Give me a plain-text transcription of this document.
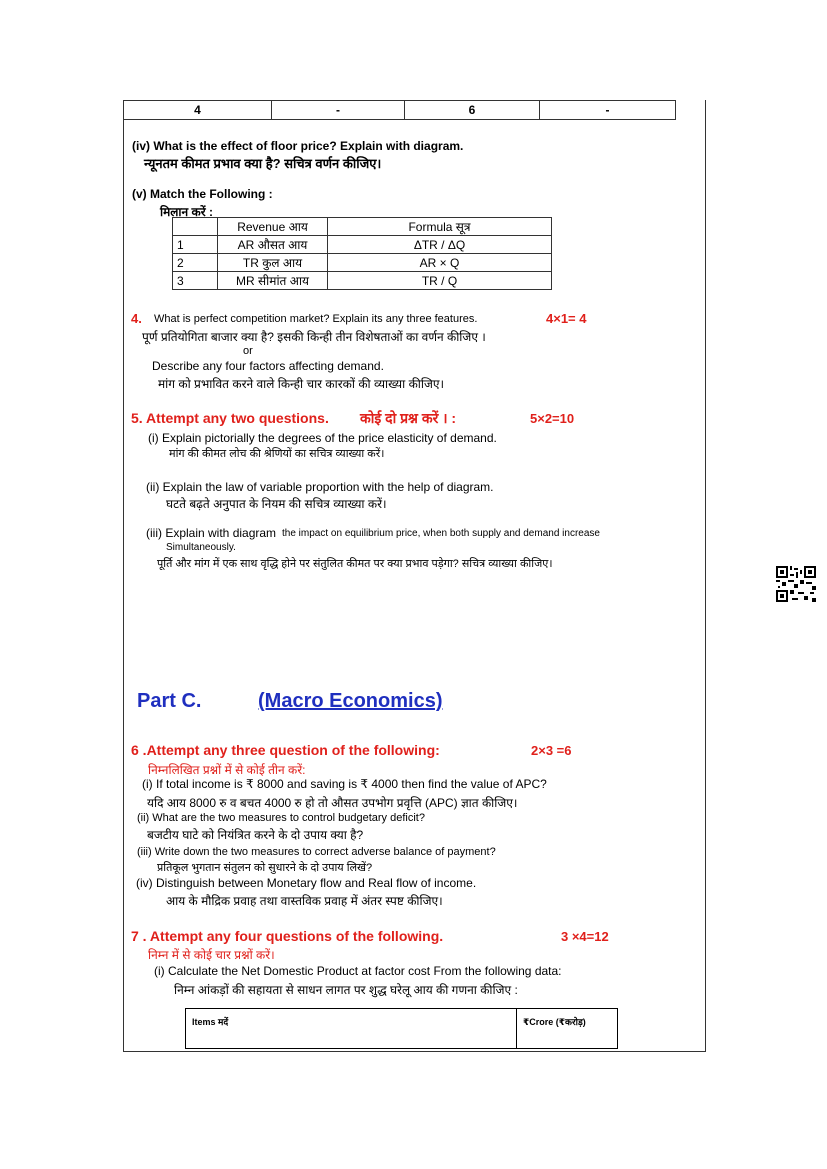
4	-	6	-
(iv) What is the effect of floor price? Explain with diagram.
न्यूनतम कीमत प्रभाव क्या है? सचित्र वर्णन कीजिए।
(v) Match the Following :
मिलान करें :
	Revenue आय	Formula सूत्र
1	AR औसत आय	ΔTR / ΔQ
2	TR कुल आय	AR × Q
3	MR सीमांत आय	TR / Q
4. What is perfect competition market? Explain its any three features.	4×1= 4
पूर्ण प्रतियोगिता बाजार क्या है? इसकी किन्ही तीन विशेषताओं का वर्णन कीजिए ।
or
Describe any four factors affecting demand.
मांग को प्रभावित करने वाले किन्ही चार कारकों की व्याख्या कीजिए।
5. Attempt any two questions. कोई दो प्रश्न करें । :	5×2=10
(i) Explain pictorially the degrees of the price elasticity of demand.
मांग की कीमत लोच की श्रेणियों का सचित्र व्याख्या करें।
(ii) Explain the law of variable proportion with the help of diagram.
घटते बढ़ते अनुपात के नियम की सचित्र व्याख्या करें।
(iii) Explain with diagram the impact on equilibrium price, when both supply and demand increase
Simultaneously.
पूर्ति और मांग में एक साथ वृद्धि होने पर संतुलित कीमत पर क्या प्रभाव पड़ेगा? सचित्र व्याख्या कीजिए।
Part C.	(Macro Economics)
6 .Attempt any three question of the following:	2×3 =6
निम्नलिखित प्रश्नों में से कोई तीन करें:
(i) If total income is ₹ 8000 and saving is ₹ 4000 then find the value of APC?
यदि आय 8000 रु व बचत 4000 रु हो तो औसत उपभोग प्रवृत्ति (APC) ज्ञात कीजिए।
(ii) What are the two measures to control budgetary deficit?
बजटीय घाटे को नियंत्रित करने के दो उपाय क्या है?
(iii) Write down the two measures to correct adverse balance of payment?
प्रतिकूल भुगतान संतुलन को सुधारने के दो उपाय लिखें?
(iv) Distinguish between Monetary flow and Real flow of income.
आय के मौद्रिक प्रवाह तथा वास्तविक प्रवाह में अंतर स्पष्ट कीजिए।
7 . Attempt any four questions of the following.	3 ×4=12
निम्न में से कोई चार प्रश्नों करें।
(i) Calculate the Net Domestic Product at factor cost From the following data:
निम्न आंकड़ों की सहायता से साधन लागत पर शुद्ध घरेलू आय की गणना कीजिए :
Items मदें	₹Crore (₹करोड़)
